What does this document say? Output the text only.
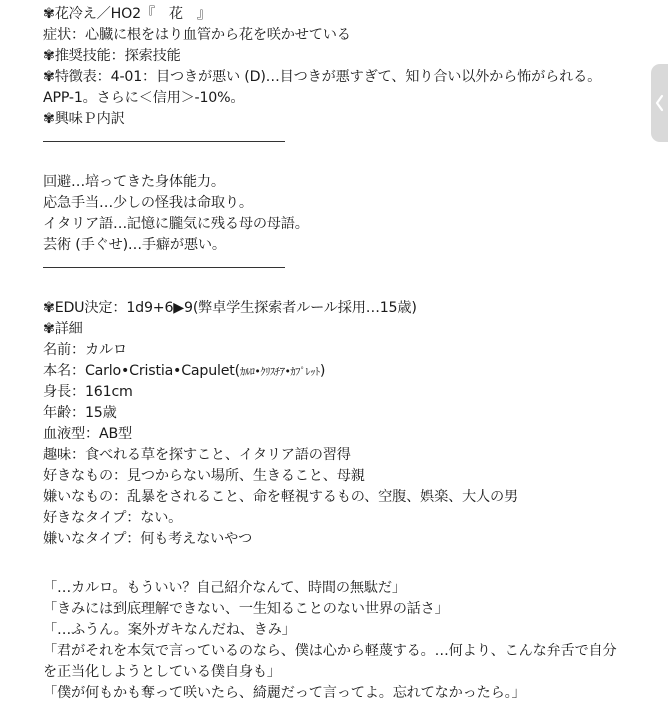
✾花冷え／HO2『　花　』
症状：心臓に根をはり血管から花を咲かせている
✾推奨技能：探索技能
✾特徴表：4-01：目つきが悪い (D)…目つきが悪すぎて、知り合い以外から怖がられる。
APP-1。さらに＜信用＞-10%。
✾興味Ｐ内訳
回避…培ってきた身体能力。
応急手当…少しの怪我は命取り。
イタリア語…記憶に朧気に残る母の母語。
芸術 (手ぐせ)…手癖が悪い。
✾EDU決定：1d9+6▶9(弊卓学生探索者ルール採用…15歳)
✾詳細
名前：カルロ
本名：Carlo•Cristia•Capulet(ｶﾙﾛ•ｸﾘｽﾁｱ•ｶﾌﾟﾚｯﾄ)
身長：161cm
年齢：15歳
血液型：AB型
趣味：食べれる草を探すこと、イタリア語の習得
好きなもの：見つからない場所、生きること、母親
嫌いなもの：乱暴をされること、命を軽視するもの、空腹、娯楽、大人の男
好きなタイプ：ない。
嫌いなタイプ：何も考えないやつ
「…カルロ。もういい？自己紹介なんて、時間の無駄だ」
「きみには到底理解できない、一生知ることのない世界の話さ」
「…ふうん。案外ガキなんだね、きみ」
「君がそれを本気で言っているのなら、僕は心から軽蔑する。…何より、こんな弁舌で自分
を正当化しようとしている僕自身も」
「僕が何もかも奪って咲いたら、綺麗だって言ってよ。忘れてなかったら。」
